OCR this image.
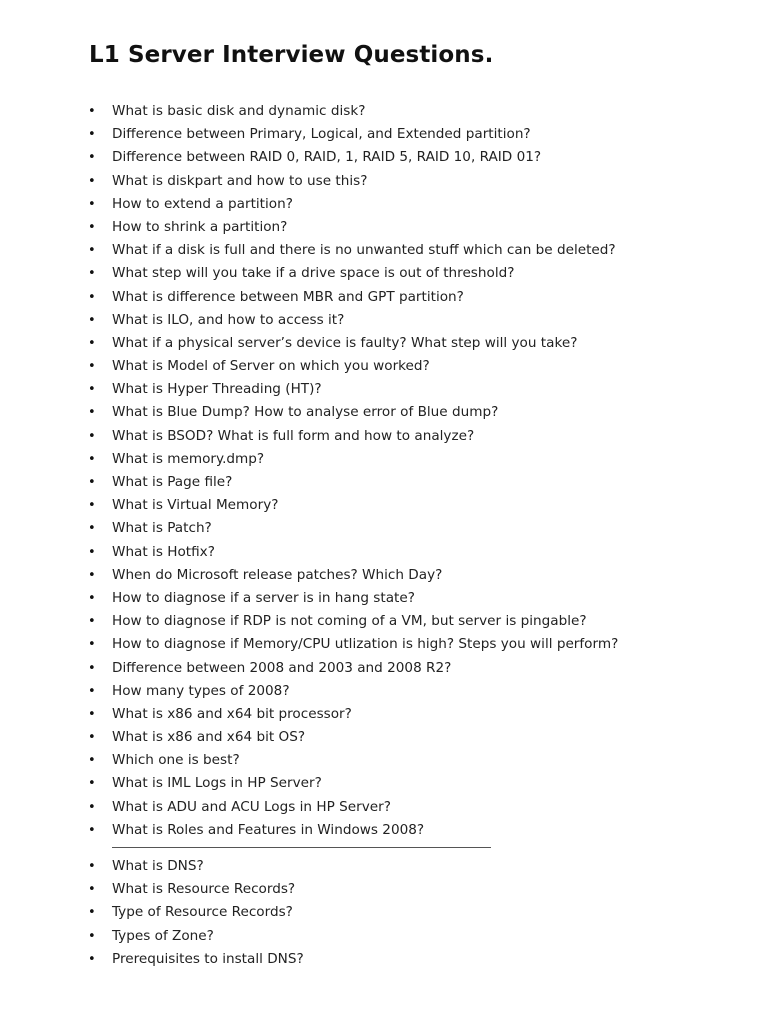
L1 Server Interview Questions.
• What is basic disk and dynamic disk?
• Difference between Primary, Logical, and Extended partition?
• Difference between RAID 0, RAID, 1, RAID 5, RAID 10, RAID 01?
• What is diskpart and how to use this?
• How to extend a partition?
• How to shrink a partition?
• What if a disk is full and there is no unwanted stuff which can be deleted?
• What step will you take if a drive space is out of threshold?
• What is difference between MBR and GPT partition?
• What is ILO, and how to access it?
• What if a physical server’s device is faulty? What step will you take?
• What is Model of Server on which you worked?
• What is Hyper Threading (HT)?
• What is Blue Dump? How to analyse error of Blue dump?
• What is BSOD? What is full form and how to analyze?
• What is memory.dmp?
• What is Page file?
• What is Virtual Memory?
• What is Patch?
• What is Hotfix?
• When do Microsoft release patches? Which Day?
• How to diagnose if a server is in hang state?
• How to diagnose if RDP is not coming of a VM, but server is pingable?
• How to diagnose if Memory/CPU utlization is high? Steps you will perform?
• Difference between 2008 and 2003 and 2008 R2?
• How many types of 2008?
• What is x86 and x64 bit processor?
• What is x86 and x64 bit OS?
• Which one is best?
• What is IML Logs in HP Server?
• What is ADU and ACU Logs in HP Server?
• What is Roles and Features in Windows 2008?
• What is DNS?
• What is Resource Records?
• Type of Resource Records?
• Types of Zone?
• Prerequisites to install DNS?
